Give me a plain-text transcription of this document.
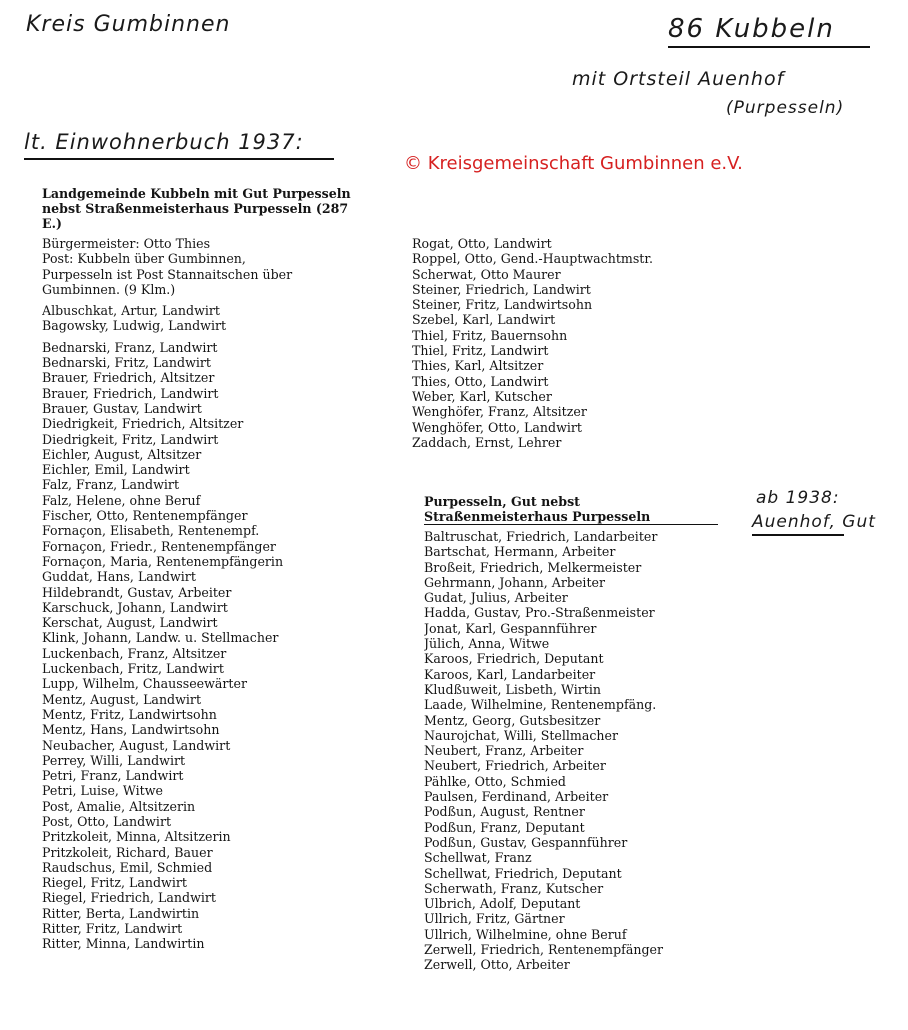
Kreis Gumbinnen	86 Kubbeln
mit Ortsteil Auenhof
(Purpesseln)
lt. Einwohnerbuch 1937:
ab 1938:
Auenhof, Gut
© Kreisgemeinschaft Gumbinnen e.V.
Landgemeinde Kubbeln mit Gut Purpesseln nebst Straßenmeisterhaus Purpesseln (287 E.)
Bürgermeister: Otto Thies
Post: Kubbeln über Gumbinnen,
Purpesseln ist Post Stannaitschen über
Gumbinnen. (9 Klm.)
Albuschkat, Artur, Landwirt
Bagowsky, Ludwig, Landwirt
Bednarski, Franz, Landwirt
Bednarski, Fritz, Landwirt
Brauer, Friedrich, Altsitzer
Brauer, Friedrich, Landwirt
Brauer, Gustav, Landwirt
Diedrigkeit, Friedrich, Altsitzer
Diedrigkeit, Fritz, Landwirt
Eichler, August, Altsitzer
Eichler, Emil, Landwirt
Falz, Franz, Landwirt
Falz, Helene, ohne Beruf
Fischer, Otto, Rentenempfänger
Fornaçon, Elisabeth, Rentenempf.
Fornaçon, Friedr., Rentenempfänger
Fornaçon, Maria, Rentenempfängerin
Guddat, Hans, Landwirt
Hildebrandt, Gustav, Arbeiter
Karschuck, Johann, Landwirt
Kerschat, August, Landwirt
Klink, Johann, Landw. u. Stellmacher
Luckenbach, Franz, Altsitzer
Luckenbach, Fritz, Landwirt
Lupp, Wilhelm, Chausseewärter
Mentz, August, Landwirt
Mentz, Fritz, Landwirtsohn
Mentz, Hans, Landwirtsohn
Neubacher, August, Landwirt
Perrey, Willi, Landwirt
Petri, Franz, Landwirt
Petri, Luise, Witwe
Post, Amalie, Altsitzerin
Post, Otto, Landwirt
Pritzkoleit, Minna, Altsitzerin
Pritzkoleit, Richard, Bauer
Raudschus, Emil, Schmied
Riegel, Fritz, Landwirt
Riegel, Friedrich, Landwirt
Ritter, Berta, Landwirtin
Ritter, Fritz, Landwirt
Ritter, Minna, Landwirtin
Rogat, Otto, Landwirt
Roppel, Otto, Gend.-Hauptwachtmstr.
Scherwat, Otto Maurer
Steiner, Friedrich, Landwirt
Steiner, Fritz, Landwirtsohn
Szebel, Karl, Landwirt
Thiel, Fritz, Bauernsohn
Thiel, Fritz, Landwirt
Thies, Karl, Altsitzer
Thies, Otto, Landwirt
Weber, Karl, Kutscher
Wenghöfer, Franz, Altsitzer
Wenghöfer, Otto, Landwirt
Zaddach, Ernst, Lehrer
Purpesseln, Gut nebst Straßenmeisterhaus Purpesseln
Baltruschat, Friedrich, Landarbeiter
Bartschat, Hermann, Arbeiter
Broßeit, Friedrich, Melkermeister
Gehrmann, Johann, Arbeiter
Gudat, Julius, Arbeiter
Hadda, Gustav, Pro.-Straßenmeister
Jonat, Karl, Gespannführer
Jülich, Anna, Witwe
Karoos, Friedrich, Deputant
Karoos, Karl, Landarbeiter
Kludßuweit, Lisbeth, Wirtin
Laade, Wilhelmine, Rentenempfäng.
Mentz, Georg, Gutsbesitzer
Naurojchat, Willi, Stellmacher
Neubert, Franz, Arbeiter
Neubert, Friedrich, Arbeiter
Pählke, Otto, Schmied
Paulsen, Ferdinand, Arbeiter
Podßun, August, Rentner
Podßun, Franz, Deputant
Podßun, Gustav, Gespannführer
Schellwat, Franz
Schellwat, Friedrich, Deputant
Scherwath, Franz, Kutscher
Ulbrich, Adolf, Deputant
Ullrich, Fritz, Gärtner
Ullrich, Wilhelmine, ohne Beruf
Zerwell, Friedrich, Rentenempfänger
Zerwell, Otto, Arbeiter
